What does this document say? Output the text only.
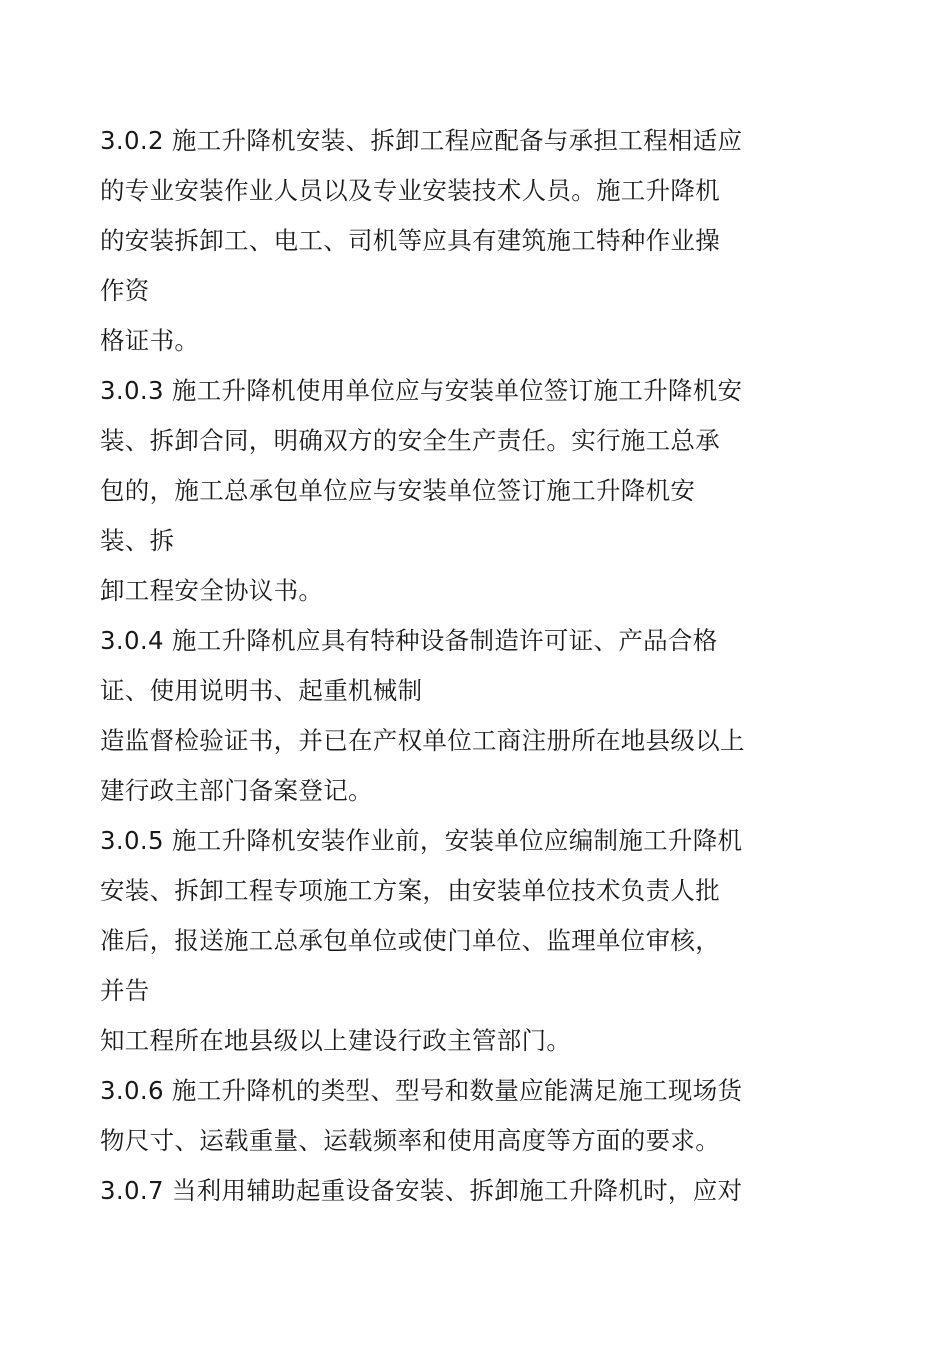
3.0.2 施工升降机安装、拆卸工程应配备与承担工程相适应
的专业安装作业人员以及专业安装技术人员。施工升降机
的安装拆卸工、电工、司机等应具有建筑施工特种作业操
作资
格证书。
3.0.3 施工升降机使用单位应与安装单位签订施工升降机安
装、拆卸合同，明确双方的安全生产责任。实行施工总承
包的，施工总承包单位应与安装单位签订施工升降机安
装、拆
卸工程安全协议书。
3.0.4 施工升降机应具有特种设备制造许可证、产品合格
证、使用说明书、起重机械制
造监督检验证书，并已在产权单位工商注册所在地县级以上
建行政主部门备案登记。
3.0.5 施工升降机安装作业前，安装单位应编制施工升降机
安装、拆卸工程专项施工方案，由安装单位技术负责人批
准后，报送施工总承包单位或使门单位、监理单位审核，
并告
知工程所在地县级以上建设行政主管部门。
3.0.6 施工升降机的类型、型号和数量应能满足施工现场货
物尺寸、运载重量、运载频率和使用高度等方面的要求。
3.0.7 当利用辅助起重设备安装、拆卸施工升降机时，应对
